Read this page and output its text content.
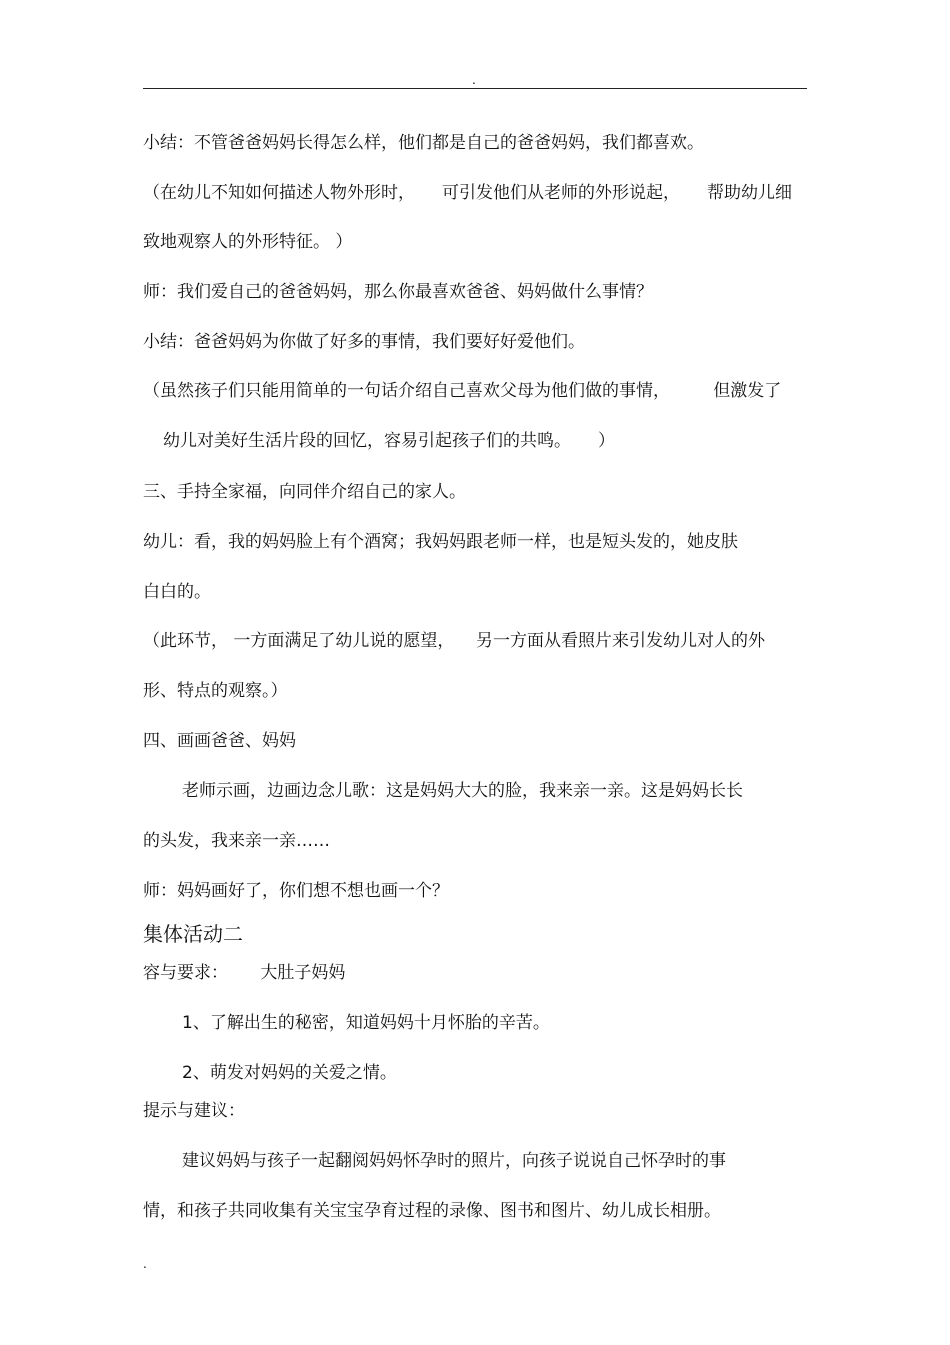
.
小结：不管爸爸妈妈长得怎么样，他们都是自己的爸爸妈妈，我们都喜欢。
（在幼儿不知如何描述人物外形时，     可引发他们从老师的外形说起，     帮助幼儿细
致地观察人的外形特征。 ）
师：我们爱自己的爸爸妈妈，那么你最喜欢爸爸、妈妈做什么事情？
小结：爸爸妈妈为你做了好多的事情，我们要好好爱他们。
（虽然孩子们只能用简单的一句话介绍自己喜欢父母为他们做的事情，        但激发了
幼儿对美好生活片段的回忆，容易引起孩子们的共鸣。     ）
三、手持全家福，向同伴介绍自己的家人。
幼儿：看，我的妈妈脸上有个酒窝；我妈妈跟老师一样，也是短头发的，她皮肤
白白的。
（此环节， 一方面满足了幼儿说的愿望，    另一方面从看照片来引发幼儿对人的外
形、特点的观察。）
四、画画爸爸、妈妈
老师示画，边画边念儿歌：这是妈妈大大的脸，我来亲一亲。这是妈妈长长
的头发，我来亲一亲……
师：妈妈画好了，你们想不想也画一个？
集体活动二
容与要求：      大肚子妈妈
1、了解出生的秘密，知道妈妈十月怀胎的辛苦。
2、萌发对妈妈的关爱之情。
提示与建议：
建议妈妈与孩子一起翻阅妈妈怀孕时的照片，向孩子说说自己怀孕时的事
情，和孩子共同收集有关宝宝孕育过程的录像、图书和图片、幼儿成长相册。
.
